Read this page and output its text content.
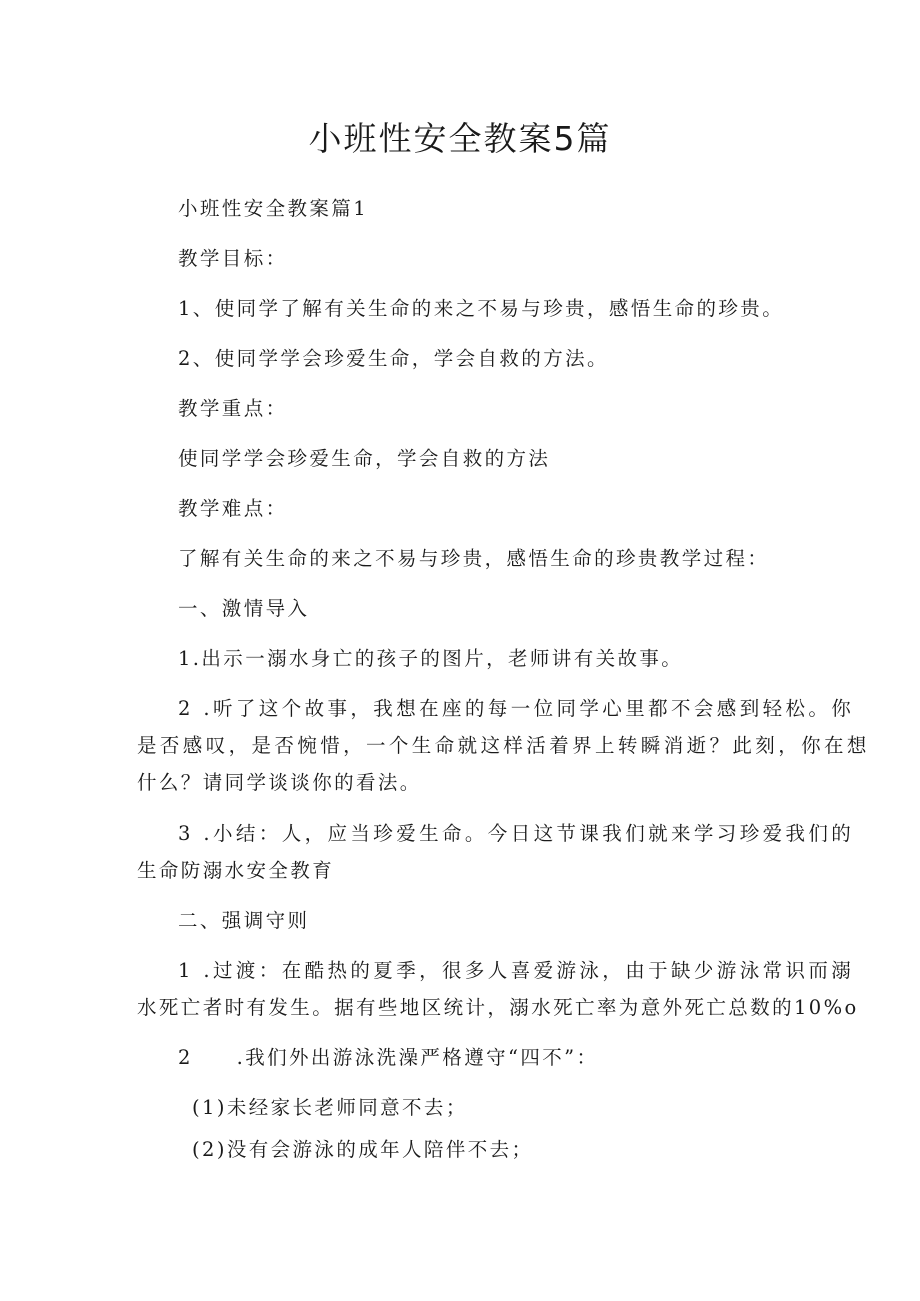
小班性安全教案5篇

小班性安全教案篇1

教学目标：

1、使同学了解有关生命的来之不易与珍贵，感悟生命的珍贵。

2、使同学学会珍爱生命，学会自救的方法。

教学重点：

使同学学会珍爱生命，学会自救的方法

教学难点：

了解有关生命的来之不易与珍贵，感悟生命的珍贵教学过程：

一、激情导入

1.出示一溺水身亡的孩子的图片，老师讲有关故事。

2 .听了这个故事，我想在座的每一位同学心里都不会感到轻松。你

是否感叹，是否惋惜，一个生命就这样活着界上转瞬消逝？此刻，你在想

什么？请同学谈谈你的看法。

3 .小结：人，应当珍爱生命。今日这节课我们就来学习珍爱我们的

生命防溺水安全教育

二、强调守则

1 .过渡：在酷热的夏季，很多人喜爱游泳，由于缺少游泳常识而溺

水死亡者时有发生。据有些地区统计，溺水死亡率为意外死亡总数的10%o

2　　.我们外出游泳洗澡严格遵守“四不”：

(1)未经家长老师同意不去；

(2)没有会游泳的成年人陪伴不去；
